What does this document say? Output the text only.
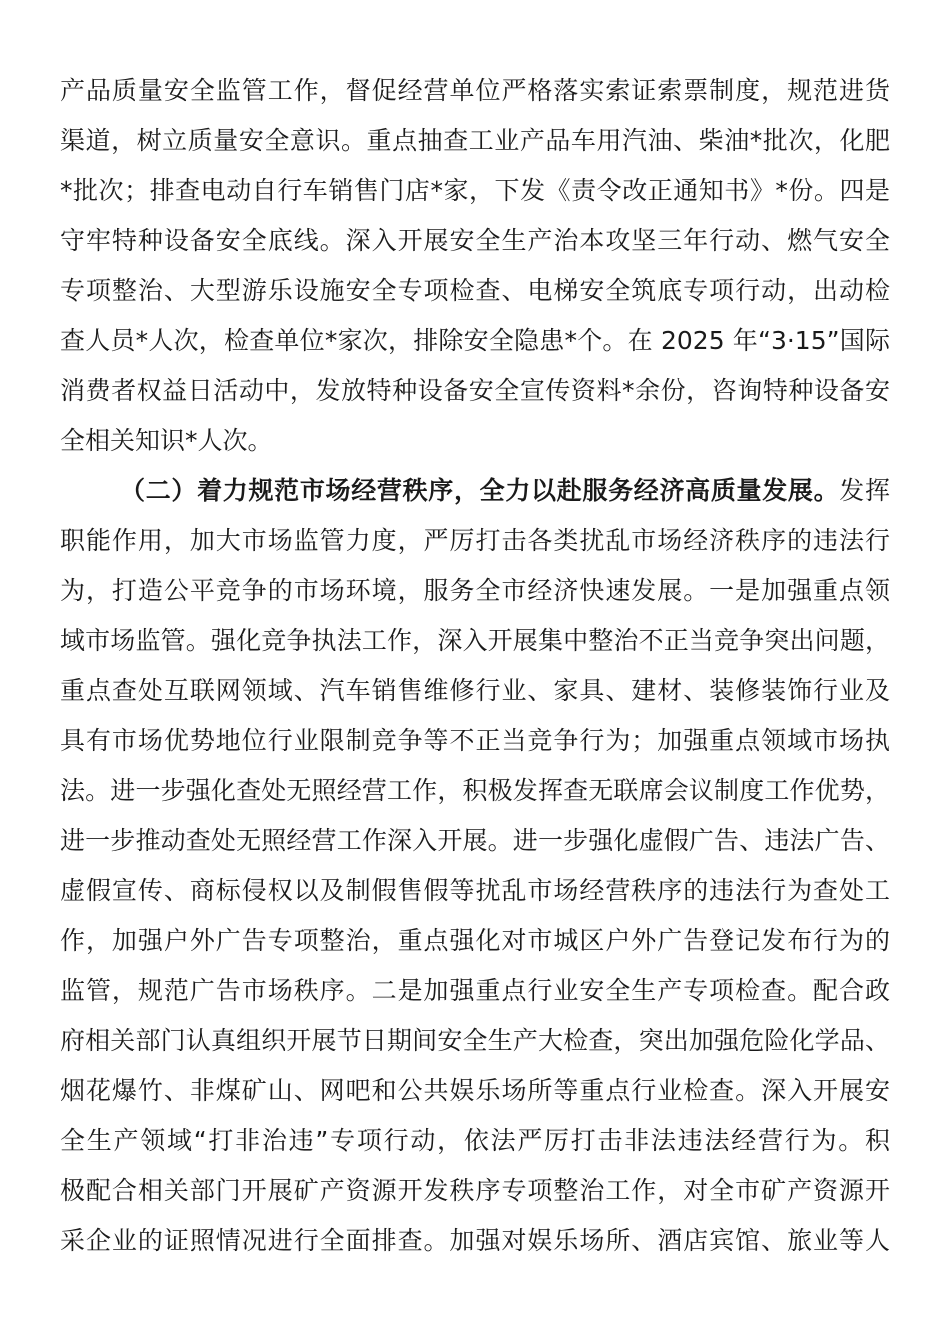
产品质量安全监管工作，督促经营单位严格落实索证索票制度，规范进货
渠道，树立质量安全意识。重点抽查工业产品车用汽油、柴油*批次，化肥
*批次；排查电动自行车销售门店*家，下发《责令改正通知书》*份。四是
守牢特种设备安全底线。深入开展安全生产治本攻坚三年行动、燃气安全
专项整治、大型游乐设施安全专项检查、电梯安全筑底专项行动，出动检
查人员*人次，检查单位*家次，排除安全隐患*个。在 2025 年“3·15”国际
消费者权益日活动中，发放特种设备安全宣传资料*余份，咨询特种设备安
全相关知识*人次。
（二）着力规范市场经营秩序，全力以赴服务经济高质量发展。发挥
职能作用，加大市场监管力度，严厉打击各类扰乱市场经济秩序的违法行
为，打造公平竞争的市场环境，服务全市经济快速发展。一是加强重点领
域市场监管。强化竞争执法工作，深入开展集中整治不正当竞争突出问题，
重点查处互联网领域、汽车销售维修行业、家具、建材、装修装饰行业及
具有市场优势地位行业限制竞争等不正当竞争行为；加强重点领域市场执
法。进一步强化查处无照经营工作，积极发挥查无联席会议制度工作优势，
进一步推动查处无照经营工作深入开展。进一步强化虚假广告、违法广告、
虚假宣传、商标侵权以及制假售假等扰乱市场经营秩序的违法行为查处工
作，加强户外广告专项整治，重点强化对市城区户外广告登记发布行为的
监管，规范广告市场秩序。二是加强重点行业安全生产专项检查。配合政
府相关部门认真组织开展节日期间安全生产大检查，突出加强危险化学品、
烟花爆竹、非煤矿山、网吧和公共娱乐场所等重点行业检查。深入开展安
全生产领域“打非治违”专项行动，依法严厉打击非法违法经营行为。积
极配合相关部门开展矿产资源开发秩序专项整治工作，对全市矿产资源开
采企业的证照情况进行全面排查。加强对娱乐场所、酒店宾馆、旅业等人
